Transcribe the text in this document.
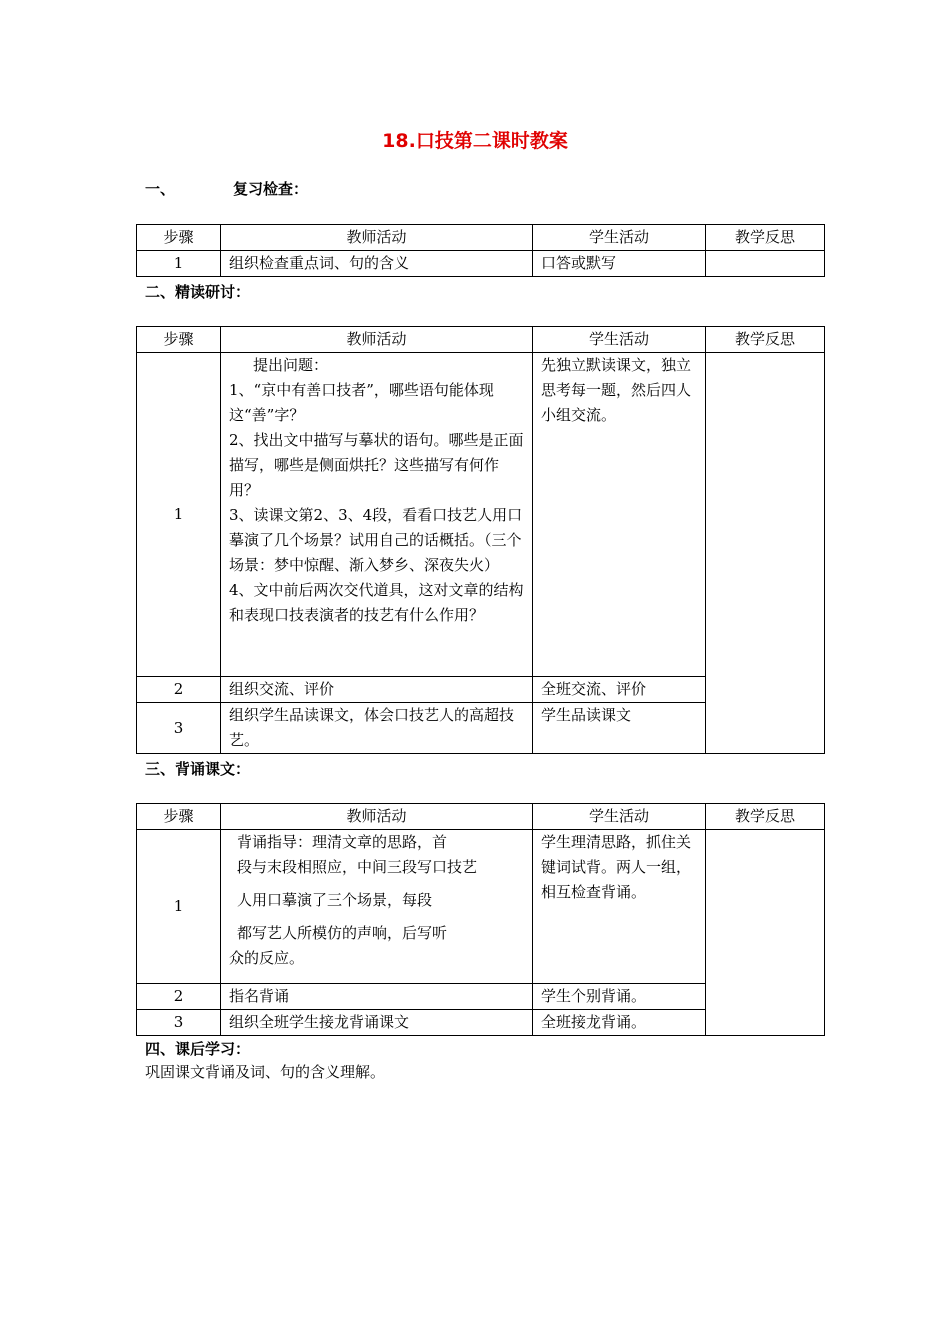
18.口技第二课时教案
一、	复习检查：
步骤	教师活动	学生活动	教学反思
1	组织检查重点词、句的含义	口答或默写	
二、精读研讨：
步骤	教师活动	学生活动	教学反思
1	提出问题：
1、“京中有善口技者”，哪些语句能体现这“善”字？
2、找出文中描写与摹状的语句。哪些是正面描写，哪些是侧面烘托？这些描写有何作用？
3、读课文第2、3、4段，看看口技艺人用口摹演了几个场景？试用自己的话概括。（三个场景：梦中惊醒、渐入梦乡、深夜失火）
4、文中前后两次交代道具，这对文章的结构和表现口技表演者的技艺有什么作用？	先独立默读课文，独立思考每一题，然后四人小组交流。	
2	组织交流、评价	全班交流、评价	
3	组织学生品读课文，体会口技艺人的高超技艺。	学生品读课文	
三、背诵课文：
步骤	教师活动	学生活动	教学反思
1	背诵指导：理清文章的思路，首
段与末段相照应，中间三段写口技艺
人用口摹演了三个场景，每段
都写艺人所模仿的声响，后写听
众的反应。	学生理清思路，抓住关键词试背。两人一组，相互检查背诵。	
2	指名背诵	学生个别背诵。	
3	组织全班学生接龙背诵课文	全班接龙背诵。	
四、课后学习：
巩固课文背诵及词、句的含义理解。
